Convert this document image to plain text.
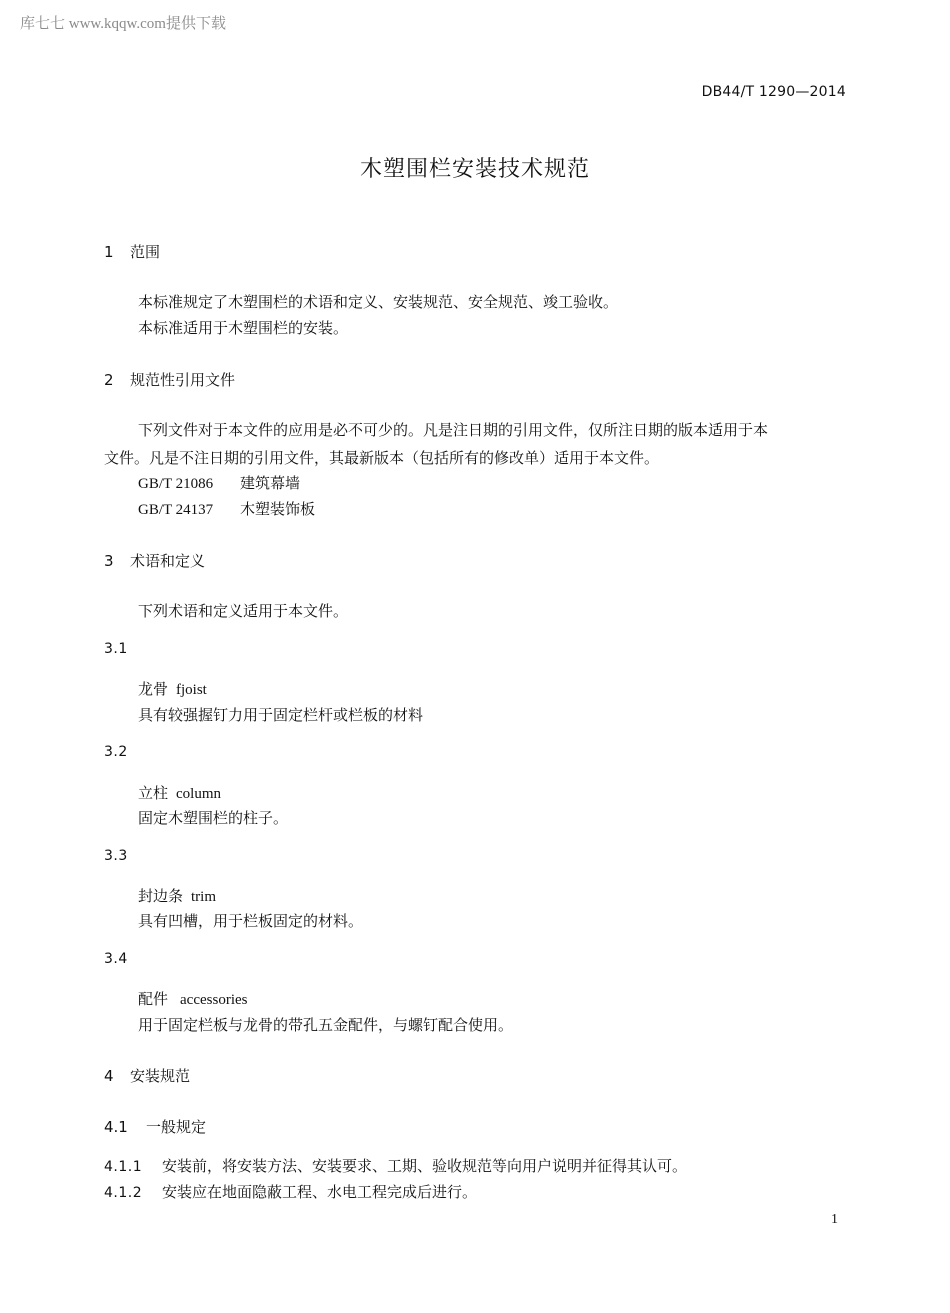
库七七 www.kqqw.com提供下载
DB44/T 1290—2014
木塑围栏安装技术规范
1 范围
本标准规定了木塑围栏的术语和定义、安装规范、安全规范、竣工验收。
本标准适用于木塑围栏的安装。
2 规范性引用文件
下列文件对于本文件的应用是必不可少的。凡是注日期的引用文件，仅所注日期的版本适用于本
文件。凡是不注日期的引用文件，其最新版本（包括所有的修改单）适用于本文件。
GB/T 21086 建筑幕墙
GB/T 24137 木塑装饰板
3 术语和定义
下列术语和定义适用于本文件。
3.1
龙骨 fjoist
具有较强握钉力用于固定栏杆或栏板的材料
3.2
立柱 column
固定木塑围栏的柱子。
3.3
封边条 trim
具有凹槽，用于栏板固定的材料。
3.4
配件 accessories
用于固定栏板与龙骨的带孔五金配件，与螺钉配合使用。
4 安装规范
4.1 一般规定
4.1.1 安装前，将安装方法、安装要求、工期、验收规范等向用户说明并征得其认可。
4.1.2 安装应在地面隐蔽工程、水电工程完成后进行。
1
